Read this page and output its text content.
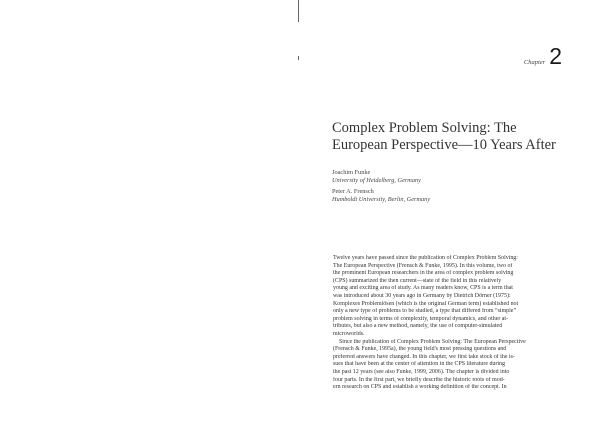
Chapter 2
Complex Problem Solving: The
European Perspective—10 Years After
Joachim Funke
University of Heidelberg, Germany
Peter A. Frensch
Humboldt University, Berlin, Germany
Twelve years have passed since the publication of Complex Problem Solving:
The European Perspective (Frensch & Funke, 1995). In this volume, two of
the prominent European researchers in the area of complex problem solving
(CPS) summarized the then current—state of the field in this relatively
young and exciting area of study. As many readers know, CPS is a term that
was introduced about 30 years ago in Germany by Dietrich Dörner (1975):
Komplexes Problemlösen (which is the original German term) established not
only a new type of problems to be studied, a type that differed from “simple”
problem solving in terms of complexity, temporal dynamics, and other at-
tributes, but also a new method, namely, the use of computer-simulated
microworlds.
Since the publication of Complex Problem Solving: The European Perspective
(Frensch & Funke, 1995a), the young field's most pressing questions and
preferred answers have changed. In this chapter, we first take stock of the is-
sues that have been at the center of attention in the CPS literature during
the past 12 years (see also Funke, 1999, 2006). The chapter is divided into
four parts. In the first part, we briefly describe the historic roots of mod-
ern research on CPS and establish a working definition of the concept. In
